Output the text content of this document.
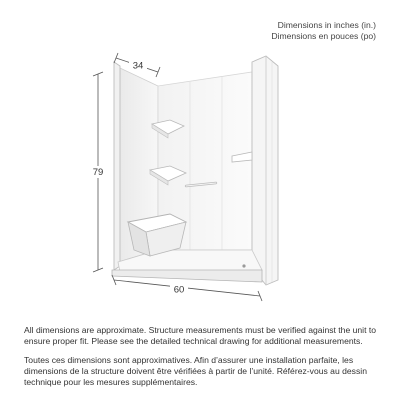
Dimensions in inches (in.)
Dimensions en pouces (po)
34
79
60

All dimensions are approximate. Structure measurements must be verified against the unit to ensure proper fit. Please see the detailed technical drawing for additional measurements.

Toutes ces dimensions sont approximatives. Afin d’assurer une installation parfaite, les dimensions de la structure doivent être vérifiées à partir de l’unité. Référez-vous au dessin technique pour les mesures supplémentaires.
